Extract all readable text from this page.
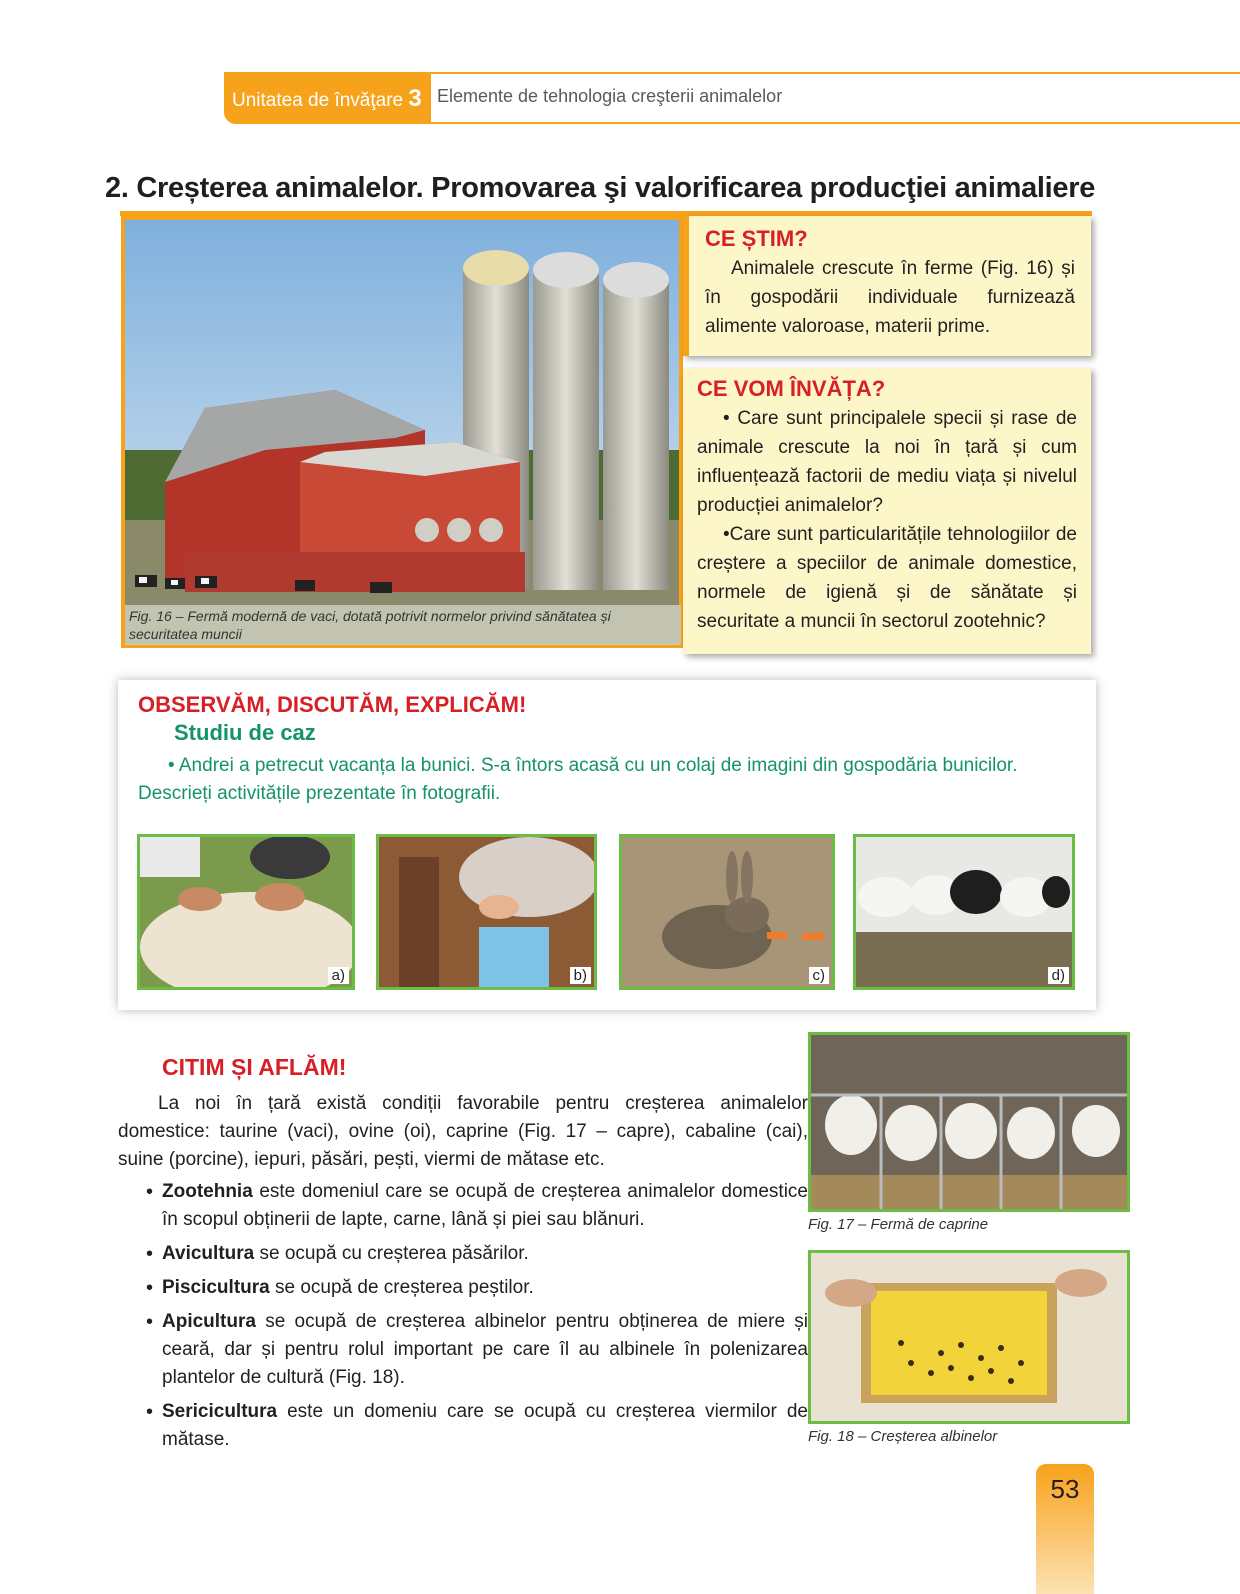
Unitatea de învăţare 3 Elemente de tehnologia creşterii animalelor
2. Creșterea animalelor. Promovarea şi valorificarea producţiei animaliere
Fig. 16 – Fermă modernă de vaci, dotată potrivit normelor privind sănătatea și securitatea muncii
CE ȘTIM?
Animalele crescute în ferme (Fig. 16) și în gospodării individuale furnizează alimente valoroase, materii prime.
CE VOM ÎNVĂȚA?
• Care sunt principalele specii și rase de animale crescute la noi în țară și cum influențează factorii de mediu viața și nivelul producției animalelor?
•Care sunt particularitățile tehnologiilor de creștere a speciilor de animale domestice, normele de igienă și de sănătate și securitate a muncii în sectorul zootehnic?
OBSERVĂM, DISCUTĂM, EXPLICĂM!
Studiu de caz
• Andrei a petrecut vacanța la bunici. S-a întors acasă cu un colaj de imagini din gospodăria bunicilor. Descrieți activitățile prezentate în fotografii.
a)	b)	c)	d)
CITIM ȘI AFLĂM!

La noi în țară există condiții favorabile pentru creșterea animalelor domestice: taurine (vaci), ovine (oi), caprine (Fig. 17 – capre), cabaline (cai), suine (porcine), iepuri, păsări, pești, viermi de mătase etc.

• Zootehnia este domeniul care se ocupă de creșterea animalelor domestice în scopul obținerii de lapte, carne, lână și piei sau blănuri.
• Avicultura se ocupă cu creșterea păsărilor.
• Piscicultura se ocupă de creșterea peștilor.
• Apicultura se ocupă de creșterea albinelor pentru obținerea de miere și ceară, dar și pentru rolul important pe care îl au albinele în polenizarea plantelor de cultură (Fig. 18).
• Sericicultura este un domeniu care se ocupă cu creșterea viermilor de mătase.
Fig. 17 – Fermă de caprine
Fig. 18 – Creșterea albinelor
53
